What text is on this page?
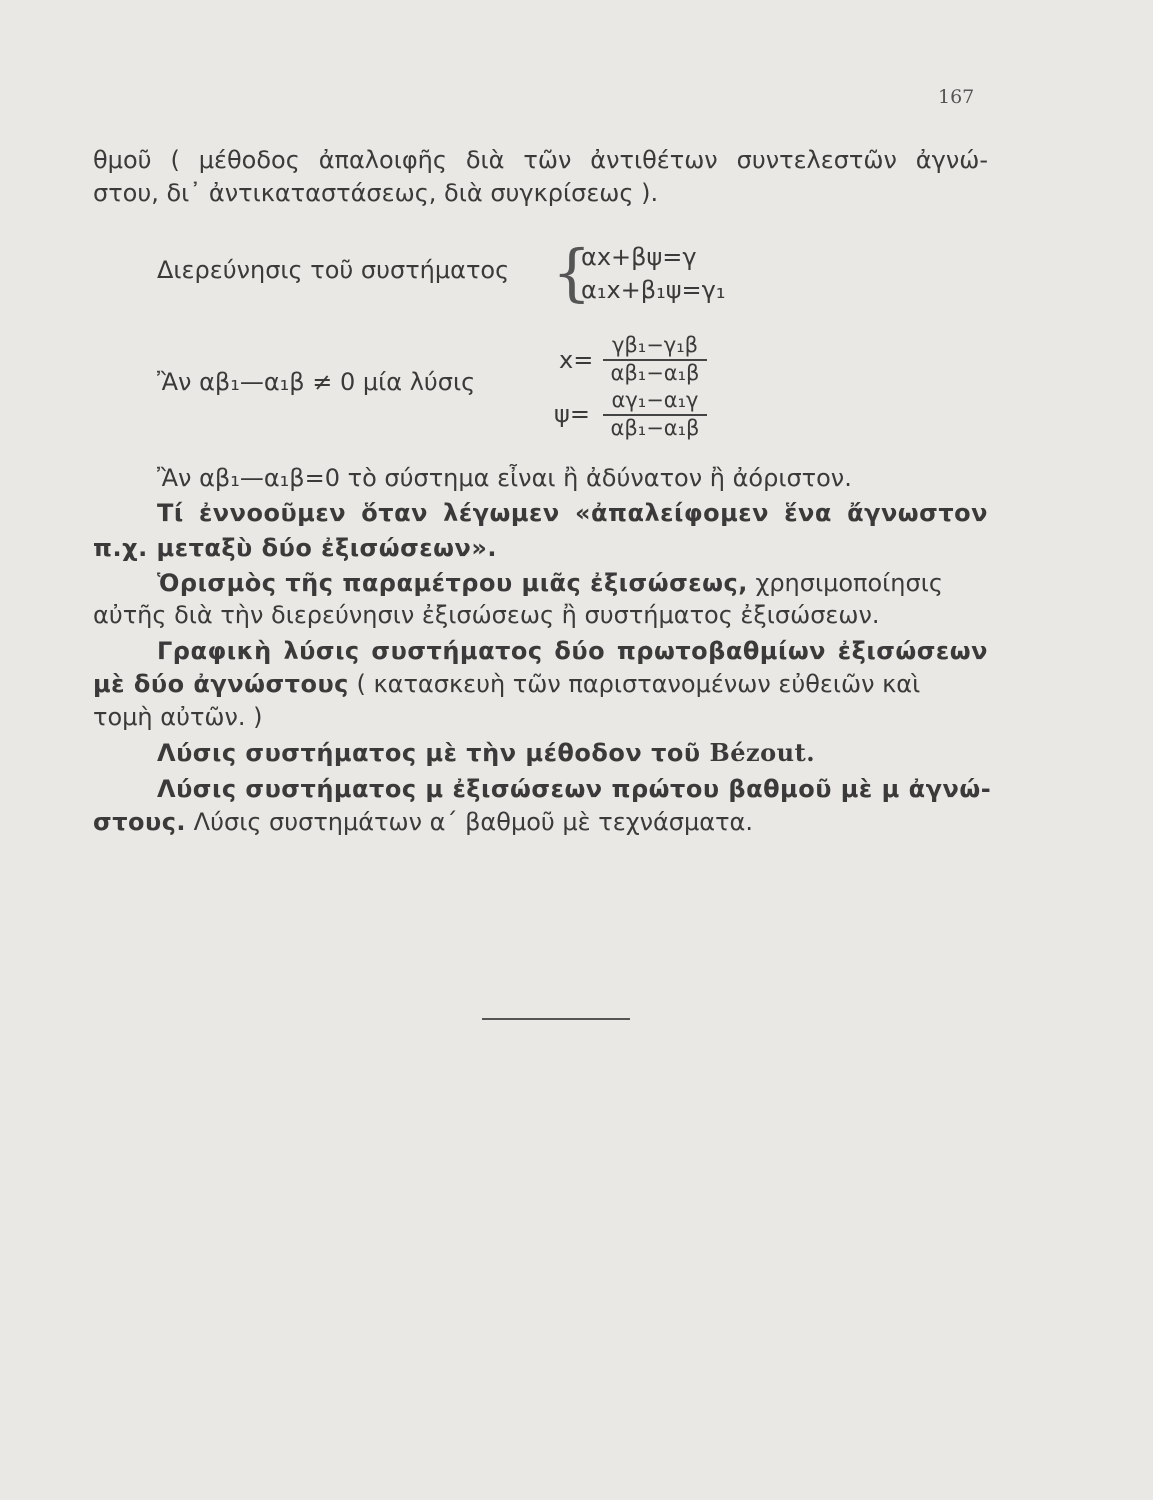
167
θμοῦ ( μέθοδος ἀπαλοιφῆς διὰ τῶν ἀντιθέτων συντελεστῶν ἀγνώ-
στου, δι᾽ ἀντικαταστάσεως, διὰ συγκρίσεως ).
Διερεύνησις τοῦ συστήματος {
αx+βψ=γ
α₁x+β₁ψ=γ₁
Ἂν αβ₁—α₁β ≠ 0 μία λύσις
x=
γβ₁−γ₁β
αβ₁−α₁β
ψ=	αγ₁−α₁γ
αβ₁−α₁β
Ἂν αβ₁—α₁β=0 τὸ σύστημα εἶναι ἢ ἀδύνατον ἢ ἀόριστον.
Τί ἐννοοῦμεν ὅταν λέγωμεν «ἀπαλείφομεν ἕνα ἄγνωστον
π.χ. μεταξὺ δύο ἐξισώσεων».
Ὁρισμὸς τῆς παραμέτρου μιᾶς ἐξισώσεως, χρησιμοποίησις
αὐτῆς διὰ τὴν διερεύνησιν ἐξισώσεως ἢ συστήματος ἐξισώσεων.
Γραφικὴ λύσις συστήματος δύο πρωτοβαθμίων ἐξισώσεων
μὲ δύο ἀγνώστους ( κατασκευὴ τῶν παριστανομένων εὐθειῶν καὶ
τομὴ αὐτῶν. )
Λύσις συστήματος μὲ τὴν μέθοδον τοῦ Bézout.
Λύσις συστήματος μ ἐξισώσεων πρώτου βαθμοῦ μὲ μ ἀγνώ-
στους. Λύσις συστημάτων α΄ βαθμοῦ μὲ τεχνάσματα.
